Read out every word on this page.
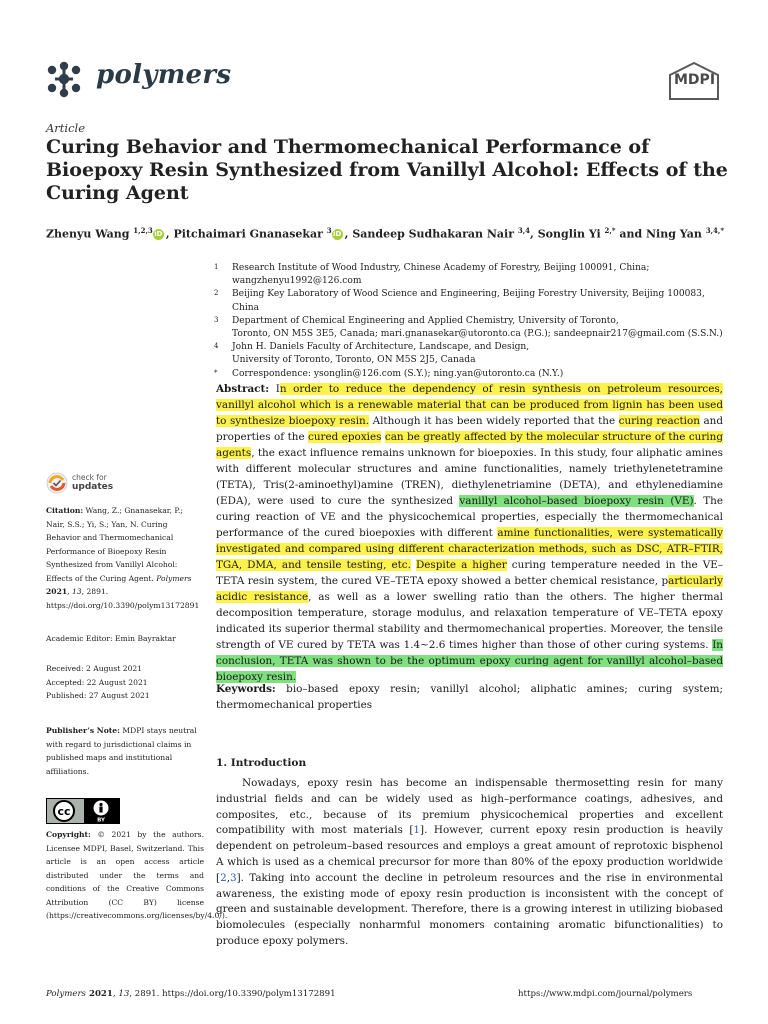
polymers	MDPI
Article
Curing Behavior and Thermomechanical Performance of Bioepoxy Resin Synthesized from Vanillyl Alcohol: Effects of the Curing Agent
Zhenyu Wang $^{1,2,3}$iD , Pitchaimari Gnanasekar $^3$iD , Sandeep Sudhakaran Nair $^{3,4}$, Songlin Yi $^{2,*}$ and Ning Yan $^{3,4,*}$
1	Research Institute of Wood Industry, Chinese Academy of Forestry, Beijing 100091, China;
wangzhenyu1992@126.com
2	Beijing Key Laboratory of Wood Science and Engineering, Beijing Forestry University, Beijing 100083, China
3	Department of Chemical Engineering and Applied Chemistry, University of Toronto,
Toronto, ON M5S 3E5, Canada; mari.gnanasekar@utoronto.ca (P.G.); sandeepnair217@gmail.com (S.S.N.)
4	John H. Daniels Faculty of Architecture, Landscape, and Design,
University of Toronto, Toronto, ON M5S 2J5, Canada
*	Correspondence: ysonglin@126.com (S.Y.); ning.yan@utoronto.ca (N.Y.)
check for
updates
Citation: Wang, Z.; Gnanasekar, P.; Nair, S.S.; Yi, S.; Yan, N. Curing Behavior and Thermomechanical Performance of Bioepoxy Resin Synthesized from Vanillyl Alcohol: Effects of the Curing Agent. Polymers 2021, 13, 2891. https://doi.org/10.3390/polym13172891
Academic Editor: Emin Bayraktar
Received: 2 August 2021
Accepted: 22 August 2021
Published: 27 August 2021
Publisher’s Note: MDPI stays neutral with regard to jurisdictional claims in published maps and institutional affiliations.
cc
BY
Copyright: © 2021 by the authors. Licensee MDPI, Basel, Switzerland. This article is an open access article distributed under the terms and conditions of the Creative Commons Attribution (CC BY) license (https://creativecommons.org/licenses/by/4.0/).
Abstract: In order to reduce the dependency of resin synthesis on petroleum resources, vanillyl alcohol which is a renewable material that can be produced from lignin has been used to synthesize bioepoxy resin. Although it has been widely reported that the curing reaction and properties of the cured epoxies can be greatly affected by the molecular structure of the curing agents, the exact influence remains unknown for bioepoxies. In this study, four aliphatic amines with different molecular structures and amine functionalities, namely triethylenetetramine (TETA), Tris(2-aminoethyl)amine (TREN), diethylenetriamine (DETA), and ethylenediamine (EDA), were used to cure the synthesized vanillyl alcohol–based bioepoxy resin (VE). The curing reaction of VE and the physicochemical properties, especially the thermomechanical performance of the cured bioepoxies with different amine functionalities, were systematically investigated and compared using different characterization methods, such as DSC, ATR–FTIR, TGA, DMA, and tensile testing, etc. Despite a higher curing temperature needed in the VE–TETA resin system, the cured VE–TETA epoxy showed a better chemical resistance, particularly acidic resistance, as well as a lower swelling ratio than the others. The higher thermal decomposition temperature, storage modulus, and relaxation temperature of VE–TETA epoxy indicated its superior thermal stability and thermomechanical properties. Moreover, the tensile strength of VE cured by TETA was 1.4~2.6 times higher than those of other curing systems. In conclusion, TETA was shown to be the optimum epoxy curing agent for vanillyl alcohol–based bioepoxy resin.
Keywords: bio–based epoxy resin; vanillyl alcohol; aliphatic amines; curing system; thermomechanical properties
1. Introduction
Nowadays, epoxy resin has become an indispensable thermosetting resin for many industrial fields and can be widely used as high–performance coatings, adhesives, and composites, etc., because of its premium physicochemical properties and excellent compatibility with most materials [1]. However, current epoxy resin production is heavily dependent on petroleum–based resources and employs a great amount of reprotoxic bisphenol A which is used as a chemical precursor for more than 80% of the epoxy production worldwide [2,3]. Taking into account the decline in petroleum resources and the rise in environmental awareness, the existing mode of epoxy resin production is inconsistent with the concept of green and sustainable development. Therefore, there is a growing interest in utilizing biobased biomolecules (especially nonharmful monomers containing aromatic bifunctionalities) to produce epoxy polymers.
Polymers 2021, 13, 2891. https://doi.org/10.3390/polym13172891	https://www.mdpi.com/journal/polymers
